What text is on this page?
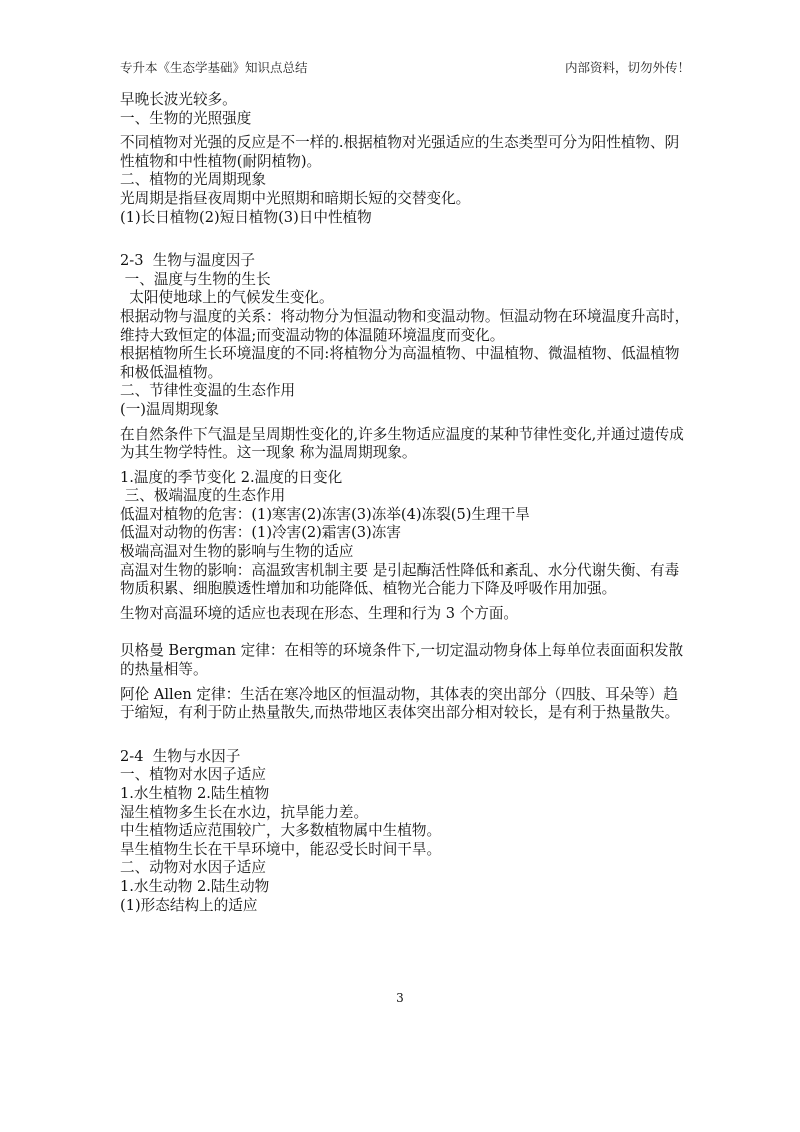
专升本《生态学基础》知识点总结	内部资料，切勿外传！

早晚长波光较多。

一、生物的光照强度

不同植物对光强的反应是不一样的.根据植物对光强适应的生态类型可分为阳性植物、阴性植物和中性植物(耐阴植物)。

二、植物的光周期现象

光周期是指昼夜周期中光照期和暗期长短的交替变化。

(1)长日植物(2)短日植物(3)日中性植物

2-3  生物与温度因子

一、温度与生物的生长

太阳使地球上的气候发生变化。

根据动物与温度的关系：将动物分为恒温动物和变温动物。恒温动物在环境温度升高时，维持大致恒定的体温;而变温动物的体温随环境温度而变化。

根据植物所生长环境温度的不同:将植物分为高温植物、中温植物、微温植物、低温植物和极低温植物。

二、节律性变温的生态作用

(一)温周期现象

在自然条件下气温是呈周期性变化的,许多生物适应温度的某种节律性变化,并通过遗传成为其生物学特性。这一现象 称为温周期现象。

1.温度的季节变化 2.温度的日变化

三、极端温度的生态作用

低温对植物的危害：(1)寒害(2)冻害(3)冻举(4)冻裂(5)生理干旱

低温对动物的伤害：(1)冷害(2)霜害(3)冻害

极端高温对生物的影响与生物的适应

高温对生物的影响：高温致害机制主要 是引起酶活性降低和紊乱、水分代谢失衡、有毒物质积累、细胞膜透性增加和功能降低、植物光合能力下降及呼吸作用加强。

生物对高温环境的适应也表现在形态、生理和行为 3 个方面。

贝格曼 Bergman 定律：在相等的环境条件下,一切定温动物身体上每单位表面面积发散的热量相等。

阿伦 Allen 定律：生活在寒冷地区的恒温动物，其体表的突出部分（四肢、耳朵等）趋于缩短，有利于防止热量散失,而热带地区表体突出部分相对较长，是有利于热量散失。

2-4  生物与水因子

一、植物对水因子适应

1.水生植物 2.陆生植物

湿生植物多生长在水边，抗旱能力差。

中生植物适应范围较广，大多数植物属中生植物。

旱生植物生长在干旱环境中，能忍受长时间干旱。

二、动物对水因子适应

1.水生动物 2.陆生动物

(1)形态结构上的适应

3
